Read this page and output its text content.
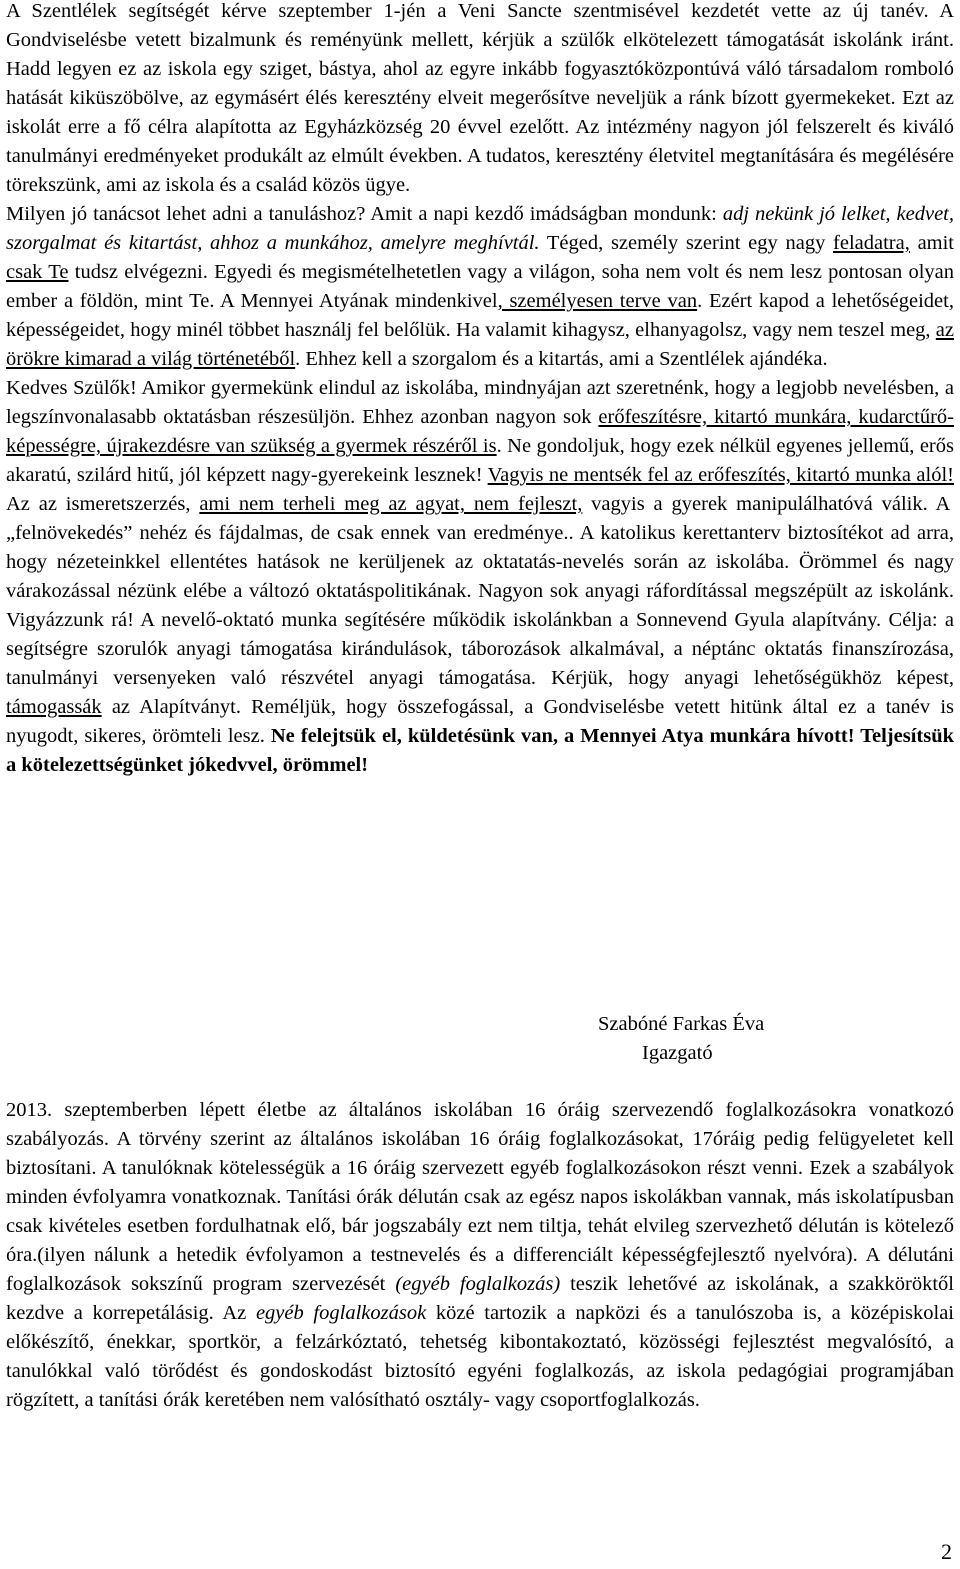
A Szentlélek segítségét kérve szeptember 1-jén a Veni Sancte szentmisével kezdetét vette az új tanév. A Gondviselésbe vetett bizalmunk és reményünk mellett, kérjük a szülők elkötelezett támogatását iskolánk iránt. Hadd legyen ez az iskola egy sziget, bástya, ahol az egyre inkább fogyasztóközpontúvá váló társadalom romboló hatását kiküszöbölve, az egymásért élés keresztény elveit megerősítve neveljük a ránk bízott gyermekeket. Ezt az iskolát erre a fő célra alapította az Egyházközség 20 évvel ezelőtt. Az intézmény nagyon jól felszerelt és kiváló tanulmányi eredményeket produkált az elmúlt években. A tudatos, keresztény életvitel megtanítására és megélésére törekszünk, ami az iskola és a család közös ügye.

Milyen jó tanácsot lehet adni a tanuláshoz? Amit a napi kezdő imádságban mondunk: adj nekünk jó lelket, kedvet, szorgalmat és kitartást, ahhoz a munkához, amelyre meghívtál. Téged, személy szerint egy nagy feladatra, amit csak Te tudsz elvégezni. Egyedi és megismételhetetlen vagy a világon, soha nem volt és nem lesz pontosan olyan ember a földön, mint Te. A Mennyei Atyának mindenkivel, személyesen terve van. Ezért kapod a lehetőségeidet, képességeidet, hogy minél többet használj fel belőlük. Ha valamit kihagysz, elhanyagolsz, vagy nem teszel meg, az örökre kimarad a világ történetéből. Ehhez kell a szorgalom és a kitartás, ami a Szentlélek ajándéka.

Kedves Szülők! Amikor gyermekünk elindul az iskolába, mindnyájan azt szeretnénk, hogy a legjobb nevelésben, a legszínvonalasabb oktatásban részesüljön. Ehhez azonban nagyon sok erőfeszítésre, kitartó munkára, kudarctűrő-képességre, újrakezdésre van szükség a gyermek részéről is. Ne gondoljuk, hogy ezek nélkül egyenes jellemű, erős akaratú, szilárd hitű, jól képzett nagy-gyerekeink lesznek! Vagyis ne mentsék fel az erőfeszítés, kitartó munka alól! Az az ismeretszerzés, ami nem terheli meg az agyat, nem fejleszt, vagyis a gyerek manipulálhatóvá válik. A „felnövekedés” nehéz és fájdalmas, de csak ennek van eredménye.. A katolikus kerettanterv biztosítékot ad arra, hogy nézeteinkkel ellentétes hatások ne kerüljenek az oktatatás-nevelés során az iskolába. Örömmel és nagy várakozással nézünk elébe a változó oktatáspolitikának. Nagyon sok anyagi ráfordítással megszépült az iskolánk. Vigyázzunk rá! A nevelő-oktató munka segítésére működik iskolánkban a Sonnevend Gyula alapítvány. Célja: a segítségre szorulók anyagi támogatása kirándulások, táborozások alkalmával, a néptánc oktatás finanszírozása, tanulmányi versenyeken való részvétel anyagi támogatása. Kérjük, hogy anyagi lehetőségükhöz képest, támogassák az Alapítványt. Reméljük, hogy összefogással, a Gondviselésbe vetett hitünk által ez a tanév is nyugodt, sikeres, örömteli lesz. Ne felejtsük el, küldetésünk van, a Mennyei Atya munkára hívott! Teljesítsük a kötelezettségünket jókedvvel, örömmel!

Szabóné Farkas Éva
Igazgató

2013. szeptemberben lépett életbe az általános iskolában 16 óráig szervezendő foglalkozásokra vonatkozó szabályozás. A törvény szerint az általános iskolában 16 óráig foglalkozásokat, 17óráig pedig felügyeletet kell biztosítani. A tanulóknak kötelességük a 16 óráig szervezett egyéb foglalkozásokon részt venni. Ezek a szabályok minden évfolyamra vonatkoznak. Tanítási órák délután csak az egész napos iskolákban vannak, más iskolatípusban csak kivételes esetben fordulhatnak elő, bár jogszabály ezt nem tiltja, tehát elvileg szervezhető délután is kötelező óra.(ilyen nálunk a hetedik évfolyamon a testnevelés és a differenciált képességfejlesztő nyelvóra). A délutáni foglalkozások sokszínű program szervezését (egyéb foglalkozás) teszik lehetővé az iskolának, a szakköröktől kezdve a korrepetálásig. Az egyéb foglalkozások közé tartozik a napközi és a tanulószoba is, a középiskolai előkészítő, énekkar, sportkör, a felzárkóztató, tehetség kibontakoztató, közösségi fejlesztést megvalósító, a tanulókkal való törődést és gondoskodást biztosító egyéni foglalkozás, az iskola pedagógiai programjában rögzített, a tanítási órák keretében nem valósítható osztály- vagy csoportfoglalkozás.

2
